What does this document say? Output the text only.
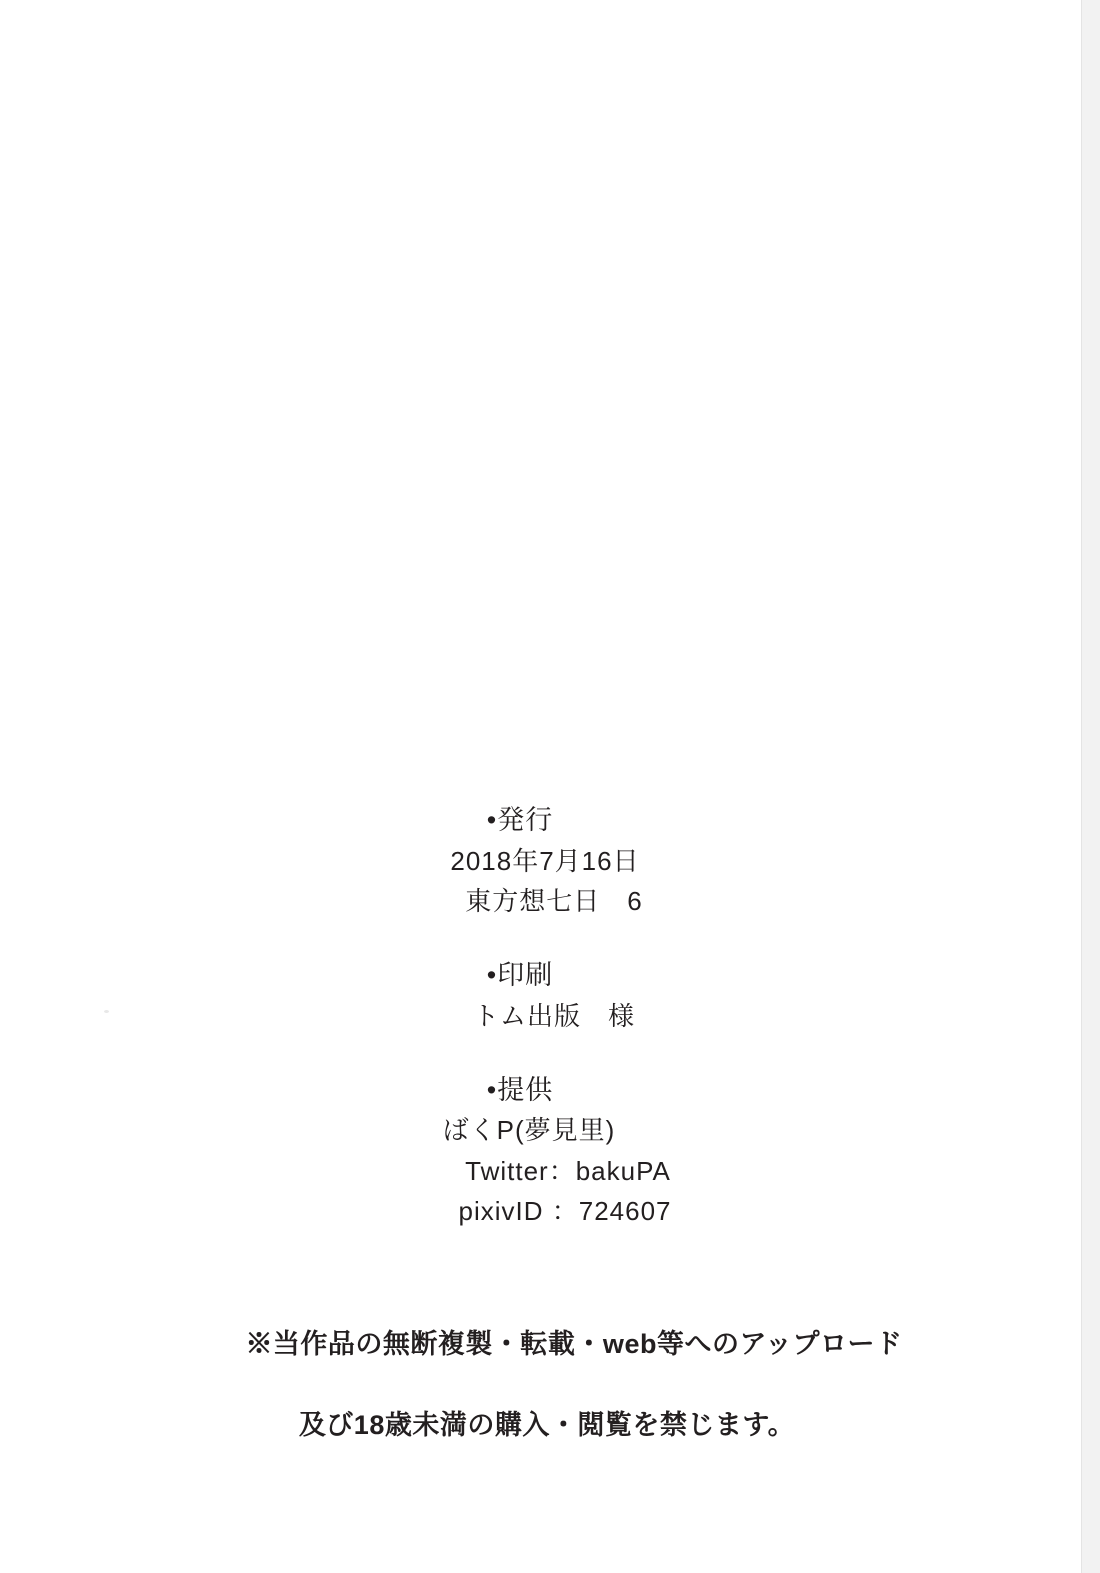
•発行
2018年7月16日
東方想七日　6
•印刷
トム出版　様
•提供
ばくP(夢見里)
Twitter：bakuPA
pixivID ：724607

※当作品の無断複製・転載・web等へのアップロード

及び18歳未満の購入・閲覧を禁じます。
